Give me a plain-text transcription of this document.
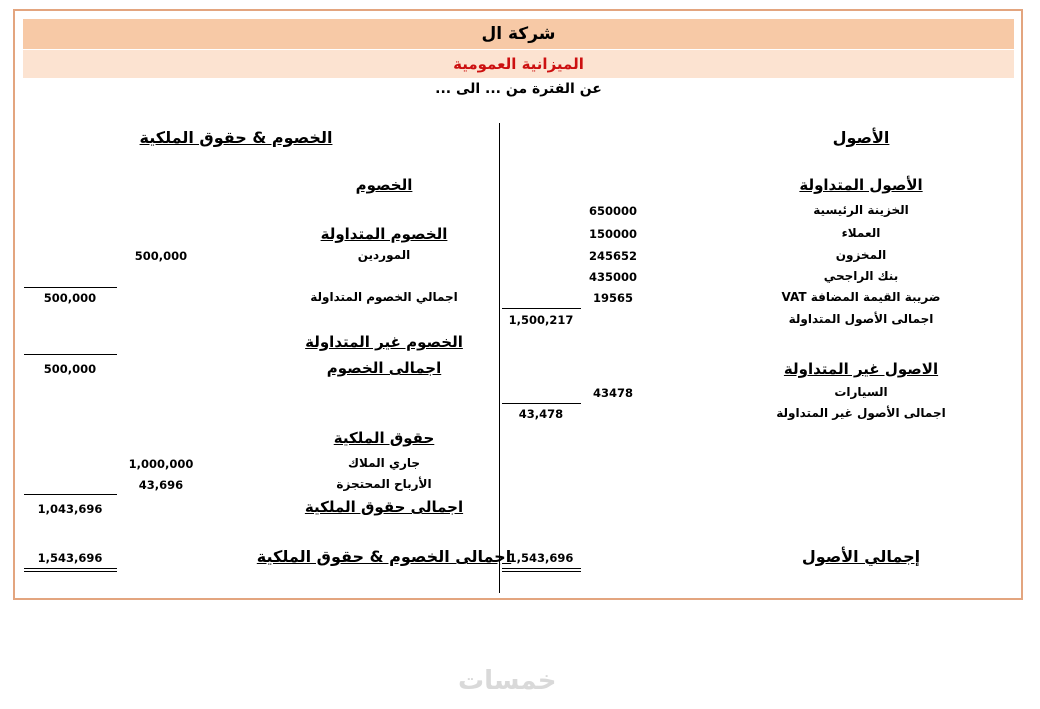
شركة ال
الميزانية العمومية
عن الفترة من ... الى ...
الأصول
الأصول المتداولة
الخزينة الرئيسية
650000
العملاء
150000
المخزون
245652
بنك الراجحي
435000
ضريبة القيمة المضافة VAT
19565
اجمالى الأصول المتداولة
1,500,217
الاصول غير المتداولة
السيارات
43478
اجمالى الأصول غير المتداولة
43,478
إجمالي الأصول
1,543,696
الخصوم & حقوق الملكية
الخصوم
الخصوم المتداولة
الموردين
500,000
اجمالي الخصوم المتداولة
500,000
الخصوم غير المتداولة
اجمالى الخصوم
500,000
حقوق الملكية
جاري الملاك
1,000,000
الأرباح المحتجزة
43,696
اجمالى حقوق الملكية
1,043,696
اجمالى الخصوم & حقوق الملكية
1,543,696
خمسات
